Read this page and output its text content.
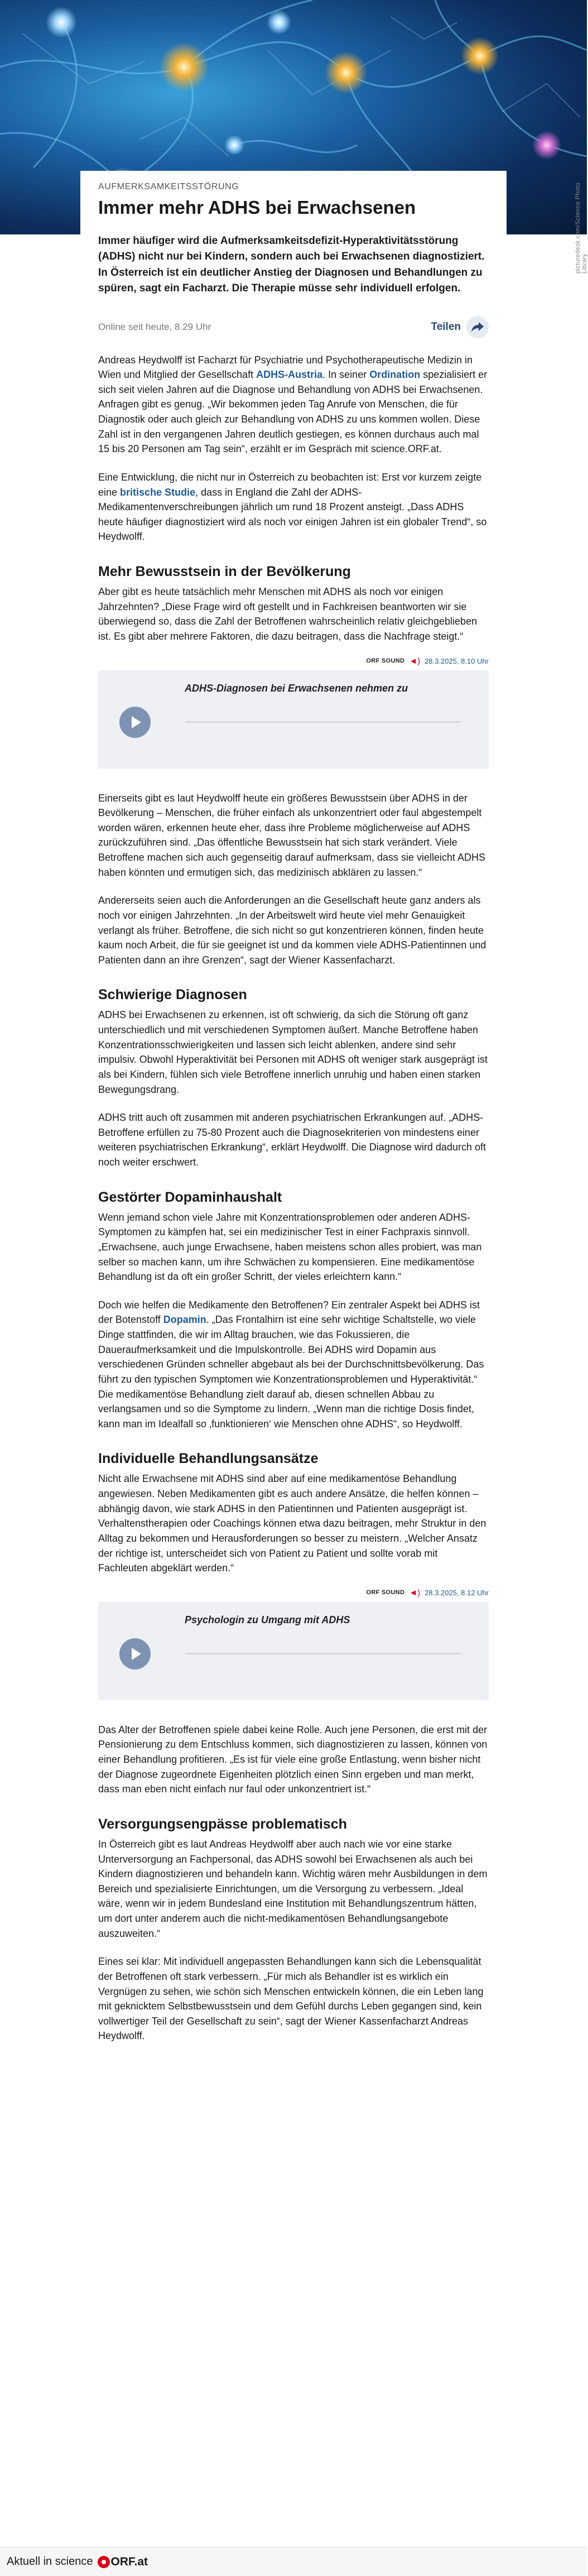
picturedesk.com/Science Photo Library
AUFMERKSAMKEITSSTÖRUNG
Immer mehr ADHS bei Erwachsenen

Immer häufiger wird die Aufmerksamkeitsdefizit-Hyperaktivitätsstörung (ADHS) nicht nur bei Kindern, sondern auch bei Erwachsenen diagnostiziert. In Österreich ist ein deutlicher Anstieg der Diagnosen und Behandlungen zu spüren, sagt ein Facharzt. Die Therapie müsse sehr individuell erfolgen.

Online seit heute, 8.29 Uhr	Teilen

Andreas Heydwolff ist Facharzt für Psychiatrie und Psychotherapeutische Medizin in Wien und Mitglied der Gesellschaft ADHS-Austria. In seiner Ordination spezialisiert er sich seit vielen Jahren auf die Diagnose und Behandlung von ADHS bei Erwachsenen. Anfragen gibt es genug. „Wir bekommen jeden Tag Anrufe von Menschen, die für Diagnostik oder auch gleich zur Behandlung von ADHS zu uns kommen wollen. Diese Zahl ist in den vergangenen Jahren deutlich gestiegen, es können durchaus auch mal 15 bis 20 Personen am Tag sein“, erzählt er im Gespräch mit science.ORF.at.

Eine Entwicklung, die nicht nur in Österreich zu beobachten ist: Erst vor kurzem zeigte eine britische Studie, dass in England die Zahl der ADHS-Medikamentenverschreibungen jährlich um rund 18 Prozent ansteigt. „Dass ADHS heute häufiger diagnostiziert wird als noch vor einigen Jahren ist ein globaler Trend“, so Heydwolff.

Mehr Bewusstsein in der Bevölkerung

Aber gibt es heute tatsächlich mehr Menschen mit ADHS als noch vor einigen Jahrzehnten? „Diese Frage wird oft gestellt und in Fachkreisen beantworten wir sie überwiegend so, dass die Zahl der Betroffenen wahrscheinlich relativ gleichgeblieben ist. Es gibt aber mehrere Faktoren, die dazu beitragen, dass die Nachfrage steigt.“

ORF SOUND ◄) 28.3.2025, 8.10 Uhr
ADHS-Diagnosen bei Erwachsenen nehmen zu

Einerseits gibt es laut Heydwolff heute ein größeres Bewusstsein über ADHS in der Bevölkerung – Menschen, die früher einfach als unkonzentriert oder faul abgestempelt worden wären, erkennen heute eher, dass ihre Probleme möglicherweise auf ADHS zurückzuführen sind. „Das öffentliche Bewusstsein hat sich stark verändert. Viele Betroffene machen sich auch gegenseitig darauf aufmerksam, dass sie vielleicht ADHS haben könnten und ermutigen sich, das medizinisch abklären zu lassen.“

Andererseits seien auch die Anforderungen an die Gesellschaft heute ganz anders als noch vor einigen Jahrzehnten. „In der Arbeitswelt wird heute viel mehr Genauigkeit verlangt als früher. Betroffene, die sich nicht so gut konzentrieren können, finden heute kaum noch Arbeit, die für sie geeignet ist und da kommen viele ADHS-Patientinnen und Patienten dann an ihre Grenzen“, sagt der Wiener Kassenfacharzt.

Schwierige Diagnosen

ADHS bei Erwachsenen zu erkennen, ist oft schwierig, da sich die Störung oft ganz unterschiedlich und mit verschiedenen Symptomen äußert. Manche Betroffene haben Konzentrationsschwierigkeiten und lassen sich leicht ablenken, andere sind sehr impulsiv. Obwohl Hyperaktivität bei Personen mit ADHS oft weniger stark ausgeprägt ist als bei Kindern, fühlen sich viele Betroffene innerlich unruhig und haben einen starken Bewegungsdrang.

ADHS tritt auch oft zusammen mit anderen psychiatrischen Erkrankungen auf. „ADHS-Betroffene erfüllen zu 75-80 Prozent auch die Diagnosekriterien von mindestens einer weiteren psychiatrischen Erkrankung“, erklärt Heydwolff. Die Diagnose wird dadurch oft noch weiter erschwert.

Gestörter Dopaminhaushalt

Wenn jemand schon viele Jahre mit Konzentrationsproblemen oder anderen ADHS-Symptomen zu kämpfen hat, sei ein medizinischer Test in einer Fachpraxis sinnvoll. „Erwachsene, auch junge Erwachsene, haben meistens schon alles probiert, was man selber so machen kann, um ihre Schwächen zu kompensieren. Eine medikamentöse Behandlung ist da oft ein großer Schritt, der vieles erleichtern kann.“

Doch wie helfen die Medikamente den Betroffenen? Ein zentraler Aspekt bei ADHS ist der Botenstoff Dopamin. „Das Frontalhirn ist eine sehr wichtige Schaltstelle, wo viele Dinge stattfinden, die wir im Alltag brauchen, wie das Fokussieren, die Daueraufmerksamkeit und die Impulskontrolle. Bei ADHS wird Dopamin aus verschiedenen Gründen schneller abgebaut als bei der Durchschnittsbevölkerung. Das führt zu den typischen Symptomen wie Konzentrationsproblemen und Hyperaktivität.“ Die medikamentöse Behandlung zielt darauf ab, diesen schnellen Abbau zu verlangsamen und so die Symptome zu lindern. „Wenn man die richtige Dosis findet, kann man im Idealfall so ‚funktionieren‘ wie Menschen ohne ADHS“, so Heydwolff.

Individuelle Behandlungsansätze

Nicht alle Erwachsene mit ADHS sind aber auf eine medikamentöse Behandlung angewiesen. Neben Medikamenten gibt es auch andere Ansätze, die helfen können – abhängig davon, wie stark ADHS in den Patientinnen und Patienten ausgeprägt ist. Verhaltenstherapien oder Coachings können etwa dazu beitragen, mehr Struktur in den Alltag zu bekommen und Herausforderungen so besser zu meistern. „Welcher Ansatz der richtige ist, unterscheidet sich von Patient zu Patient und sollte vorab mit Fachleuten abgeklärt werden.“

ORF SOUND ◄) 28.3.2025, 8.12 Uhr
Psychologin zu Umgang mit ADHS

Das Alter der Betroffenen spiele dabei keine Rolle. Auch jene Personen, die erst mit der Pensionierung zu dem Entschluss kommen, sich diagnostizieren zu lassen, können von einer Behandlung profitieren. „Es ist für viele eine große Entlastung, wenn bisher nicht der Diagnose zugeordnete Eigenheiten plötzlich einen Sinn ergeben und man merkt, dass man eben nicht einfach nur faul oder unkonzentriert ist.“

Versorgungsengpässe problematisch

In Österreich gibt es laut Andreas Heydwolff aber auch nach wie vor eine starke Unterversorgung an Fachpersonal, das ADHS sowohl bei Erwachsenen als auch bei Kindern diagnostizieren und behandeln kann. Wichtig wären mehr Ausbildungen in dem Bereich und spezialisierte Einrichtungen, um die Versorgung zu verbessern. „Ideal wäre, wenn wir in jedem Bundesland eine Institution mit Behandlungszentrum hätten, um dort unter anderem auch die nicht-medikamentösen Behandlungsangebote auszuweiten.“

Eines sei klar: Mit individuell angepassten Behandlungen kann sich die Lebensqualität der Betroffenen oft stark verbessern. „Für mich als Behandler ist es wirklich ein Vergnügen zu sehen, wie schön sich Menschen entwickeln können, die ein Leben lang mit geknicktem Selbstbewusstsein und dem Gefühl durchs Leben gegangen sind, kein vollwertiger Teil der Gesellschaft zu sein“, sagt der Wiener Kassenfacharzt Andreas Heydwolff.

Aktuell in science ORF.at
